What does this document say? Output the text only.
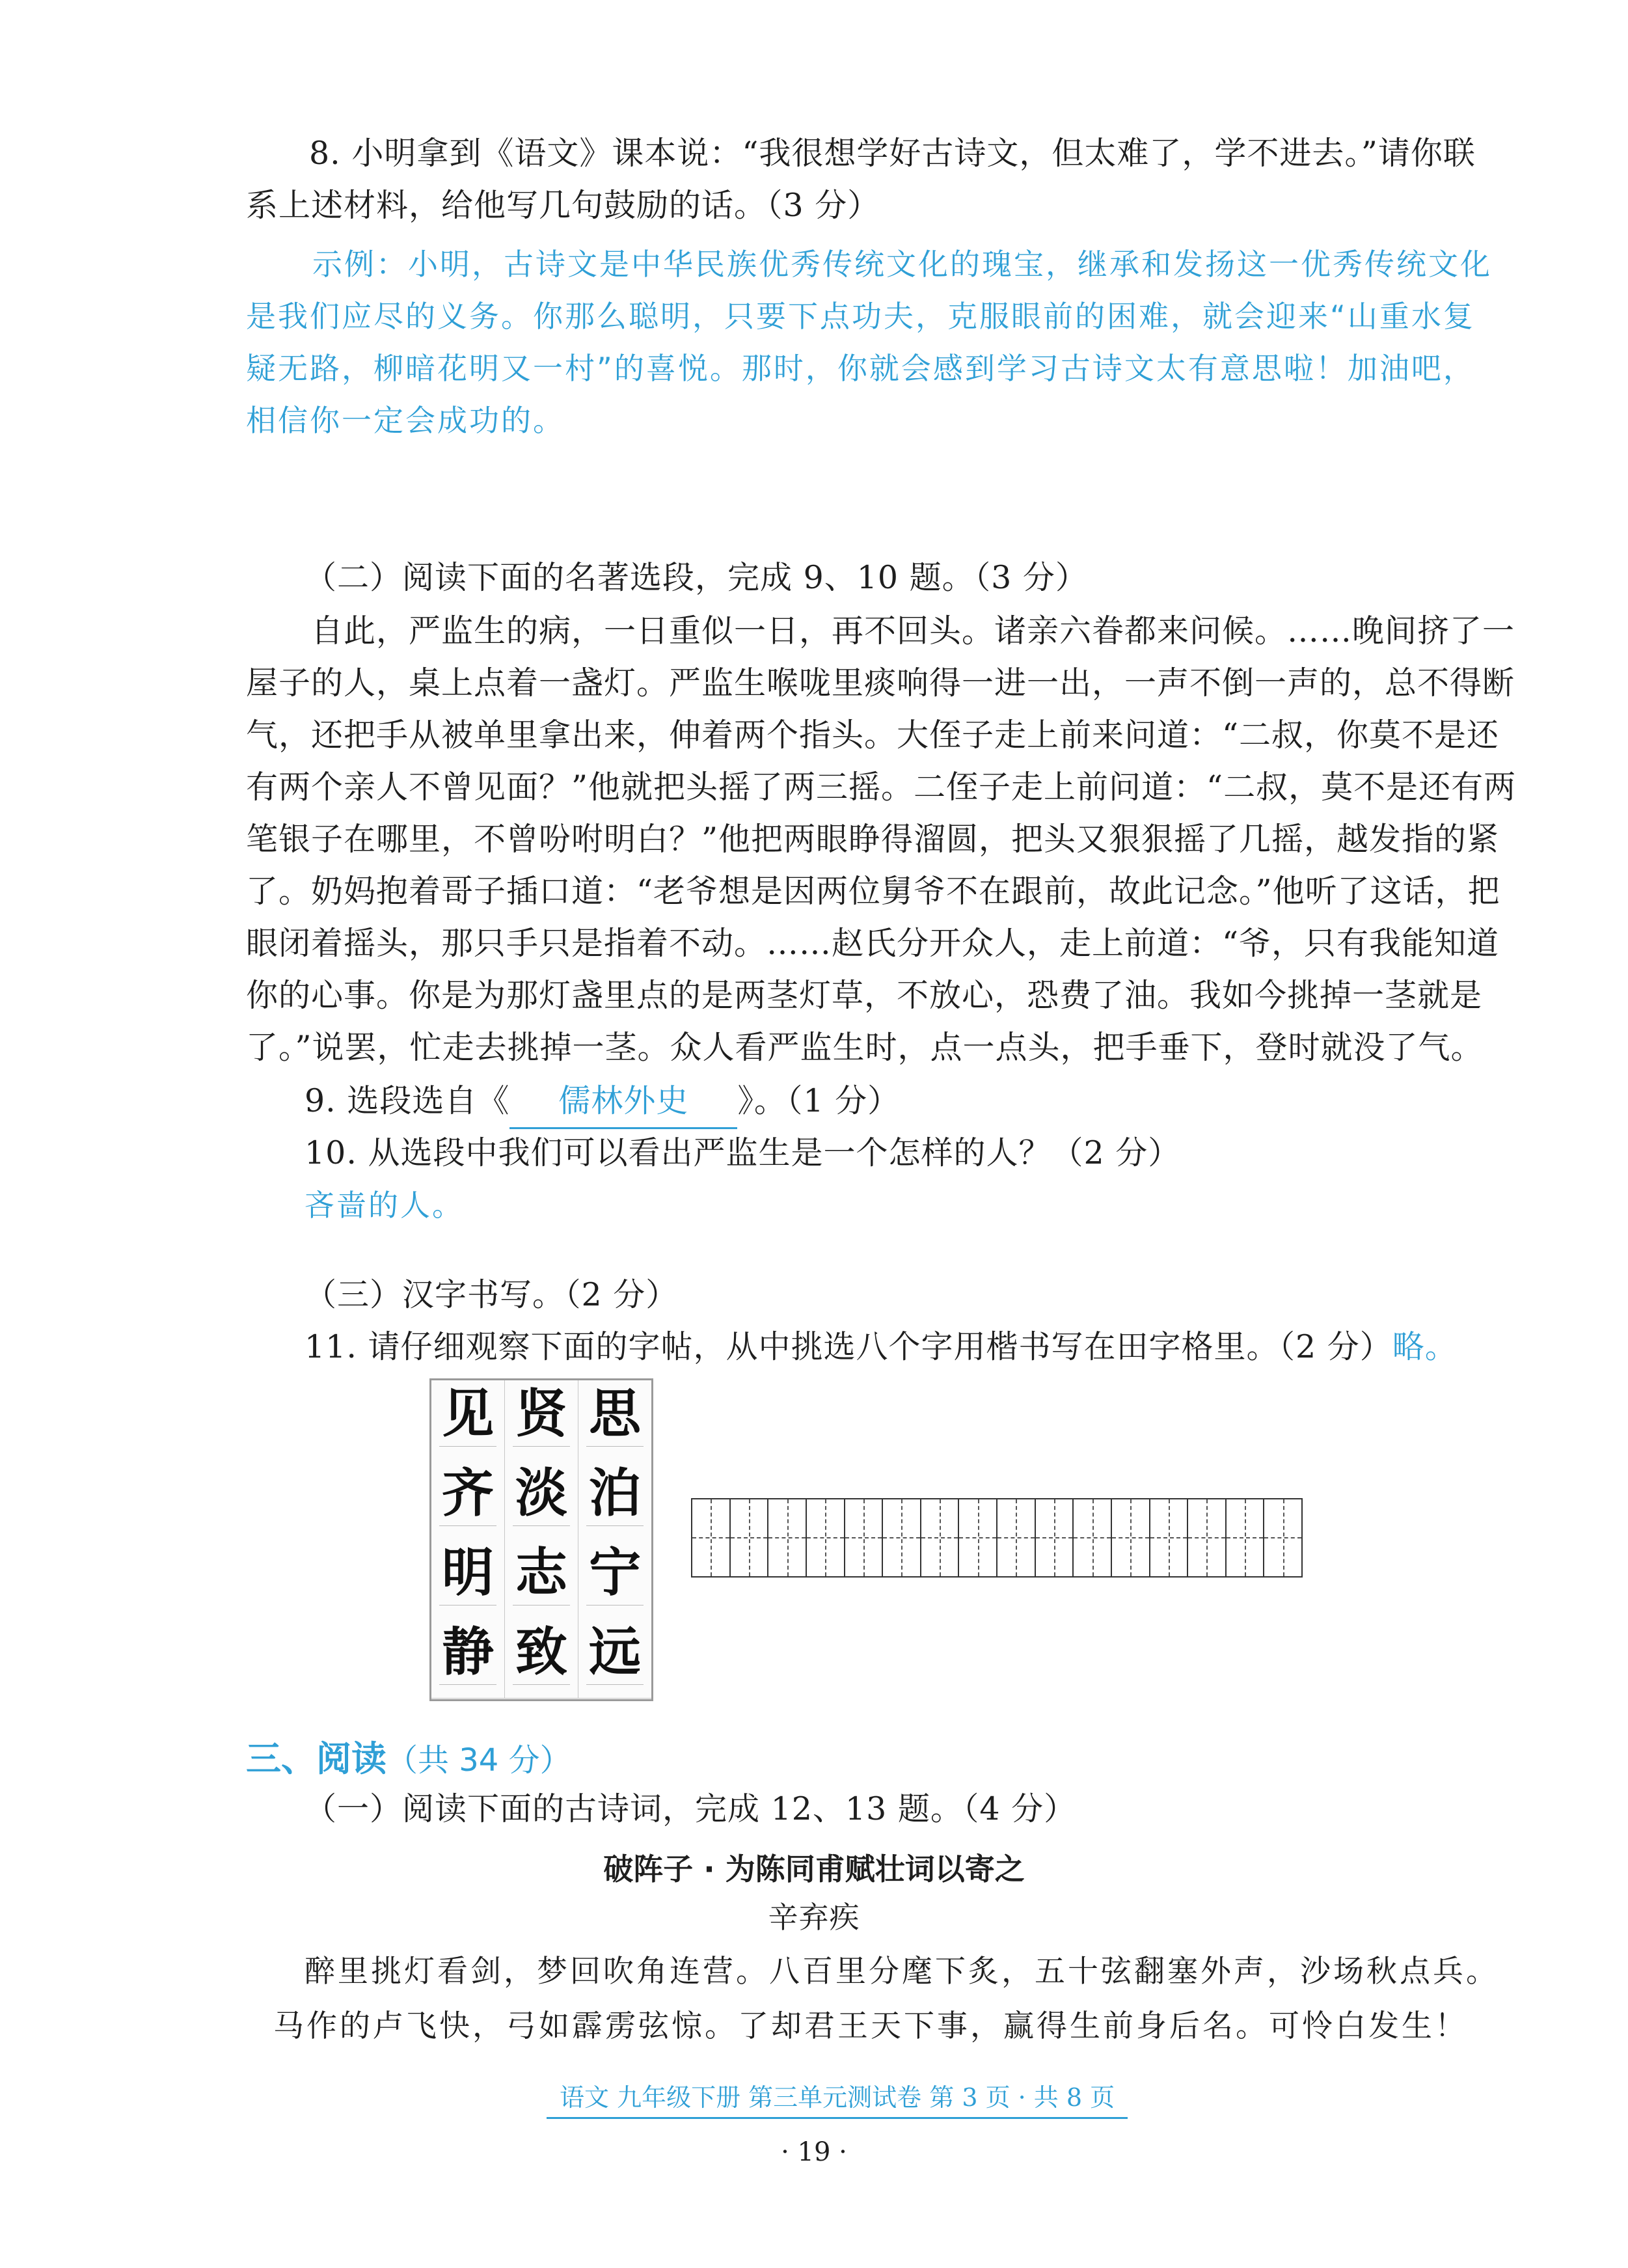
8. 小明拿到《语文》课本说：“我很想学好古诗文，但太难了，学不进去。”请你联
系上述材料，给他写几句鼓励的话。（3 分）
示例：小明，古诗文是中华民族优秀传统文化的瑰宝，继承和发扬这一优秀传统文化
是我们应尽的义务。你那么聪明，只要下点功夫，克服眼前的困难，就会迎来“山重水复
疑无路，柳暗花明又一村”的喜悦。那时，你就会感到学习古诗文太有意思啦！加油吧，
相信你一定会成功的。
（二）阅读下面的名著选段，完成 9、10 题。（3 分）
自此，严监生的病，一日重似一日，再不回头。诸亲六眷都来问候。……晚间挤了一
屋子的人，桌上点着一盏灯。严监生喉咙里痰响得一进一出，一声不倒一声的，总不得断
气，还把手从被单里拿出来，伸着两个指头。大侄子走上前来问道：“二叔，你莫不是还
有两个亲人不曾见面？”他就把头摇了两三摇。二侄子走上前问道：“二叔，莫不是还有两
笔银子在哪里，不曾吩咐明白？”他把两眼睁得溜圆，把头又狠狠摇了几摇，越发指的紧
了。奶妈抱着哥子插口道：“老爷想是因两位舅爷不在跟前，故此记念。”他听了这话，把
眼闭着摇头，那只手只是指着不动。……赵氏分开众人，走上前道：“爷，只有我能知道
你的心事。你是为那灯盏里点的是两茎灯草，不放心，恐费了油。我如今挑掉一茎就是
了。”说罢，忙走去挑掉一茎。众人看严监生时，点一点头，把手垂下，登时就没了气。
9. 选段选自《 儒林外史 》。（1 分）
10. 从选段中我们可以看出严监生是一个怎样的人？（2 分）
吝啬的人。
（三）汉字书写。（2 分）
11. 请仔细观察下面的字帖，从中挑选八个字用楷书写在田字格里。（2 分）略。
见 贤 思
齐 淡 泊
明 志 宁
静 致 远
三、阅读（共 34 分）
（一）阅读下面的古诗词，完成 12、13 题。（4 分）
破阵子 · 为陈同甫赋壮词以寄之
辛弃疾
醉里挑灯看剑，梦回吹角连营。八百里分麾下炙，五十弦翻塞外声，沙场秋点兵。
马作的卢飞快，弓如霹雳弦惊。了却君王天下事，赢得生前身后名。可怜白发生！
语文 九年级下册 第三单元测试卷 第 3 页 · 共 8 页
· 19 ·
